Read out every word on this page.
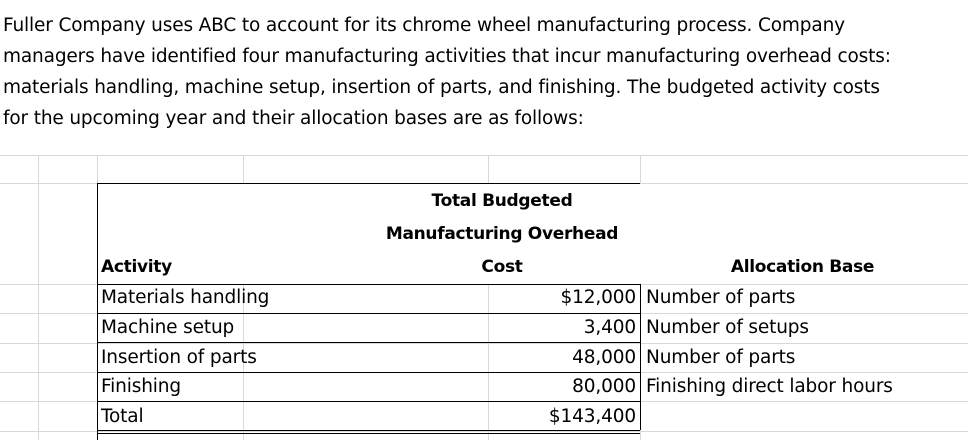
Fuller Company uses ABC to account for its chrome wheel manufacturing process. Company

managers have identified four manufacturing activities that incur manufacturing overhead costs:

materials handling, machine setup, insertion of parts, and finishing. The budgeted activity costs

for the upcoming year and their allocation bases are as follows:

Total Budgeted
Manufacturing Overhead
Cost
Activity	Allocation Base
Materials handling	$12,000 Number of parts
Machine setup	3,400 Number of setups
Insertion of parts	48,000 Number of parts
Finishing	80,000 Finishing direct labor hours
Total	$143,400
